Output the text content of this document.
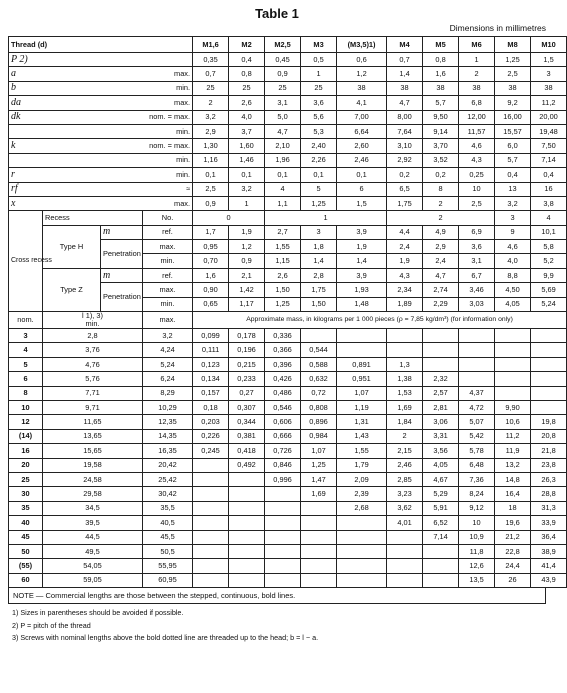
Table 1
Dimensions in millimetres
Thread (d)				M1,6	M2	M2,5	M3	(M3,5)1)	M4	M5	M6	M8	M10
P 2)				0,35	0,4	0,45	0,5	0,6	0,7	0,8	1	1,25	1,5
a			max.	0,7	0,8	0,9	1	1,2	1,4	1,6	2	2,5	3
b			min.	25	25	25	25	38	38	38	38	38	38
da			max.	2	2,6	3,1	3,6	4,1	4,7	5,7	6,8	9,2	11,2
dk			nom. = max.	3,2	4,0	5,0	5,6	7,00	8,00	9,50	12,00	16,00	20,00
			min.	2,9	3,7	4,7	5,3	6,64	7,64	9,14	11,57	15,57	19,48
k			nom. = max.	1,30	1,60	2,10	2,40	2,60	3,10	3,70	4,6	6,0	7,50
			min.	1,16	1,46	1,96	2,26	2,46	2,92	3,52	4,3	5,7	7,14
r			min.	0,1	0,1	0,1	0,1	0,1	0,2	0,2	0,25	0,4	0,4
rf			≈	2,5	3,2	4	5	6	6,5	8	10	13	16
x			max.	0,9	1	1,1	1,25	1,5	1,75	2	2,5	3,2	3,8
Cross recess	Recess		No.	0		1			2			3	4
	Type H	m	ref.	1,7	1,9	2,7	3	3,9	4,4	4,9	6,9	9	10,1
		Penetration	max.	0,95	1,2	1,55	1,8	1,9	2,4	2,9	3,6	4,6	5,8
			min.	0,70	0,9	1,15	1,4	1,4	1,9	2,4	3,1	4,0	5,2
	Type Z	m	ref.	1,6	2,1	2,6	2,8	3,9	4,3	4,7	6,7	8,8	9,9
		Penetration	max.	0,90	1,42	1,50	1,75	1,93	2,34	2,74	3,46	4,50	5,69
			min.	0,65	1,17	1,25	1,50	1,48	1,89	2,29	3,03	4,05	5,24
nom.	l 1), 3)
min.		max.	Approximate mass, in kilograms per 1 000 pieces (ρ = 7,85 kg/dm³) (for information only)									
3	2,8		3,2	0,099	0,178	0,336							
4	3,76		4,24	0,111	0,196	0,366	0,544						
5	4,76		5,24	0,123	0,215	0,396	0,588	0,891	1,3				
6	5,76		6,24	0,134	0,233	0,426	0,632	0,951	1,38	2,32			
8	7,71		8,29	0,157	0,27	0,486	0,72	1,07	1,53	2,57	4,37		
10	9,71		10,29	0,18	0,307	0,546	0,808	1,19	1,69	2,81	4,72	9,90	
12	11,65		12,35	0,203	0,344	0,606	0,896	1,31	1,84	3,06	5,07	10,6	19,8
(14)	13,65		14,35	0,226	0,381	0,666	0,984	1,43	2	3,31	5,42	11,2	20,8
16	15,65		16,35	0,245	0,418	0,726	1,07	1,55	2,15	3,56	5,78	11,9	21,8
20	19,58		20,42		0,492	0,846	1,25	1,79	2,46	4,05	6,48	13,2	23,8
25	24,58		25,42			0,996	1,47	2,09	2,85	4,67	7,36	14,8	26,3
30	29,58		30,42				1,69	2,39	3,23	5,29	8,24	16,4	28,8
35	34,5		35,5					2,68	3,62	5,91	9,12	18	31,3
40	39,5		40,5						4,01	6,52	10	19,6	33,9
45	44,5		45,5							7,14	10,9	21,2	36,4
50	49,5		50,5								11,8	22,8	38,9
(55)	54,05		55,95								12,6	24,4	41,4
60	59,05		60,95								13,5	26	43,9
NOTE — Commercial lengths are those between the stepped, continuous, bold lines.
1) Sizes in parentheses should be avoided if possible.
2) P = pitch of the thread
3) Screws with nominal lengths above the bold dotted line are threaded up to the head; b = l − a.
